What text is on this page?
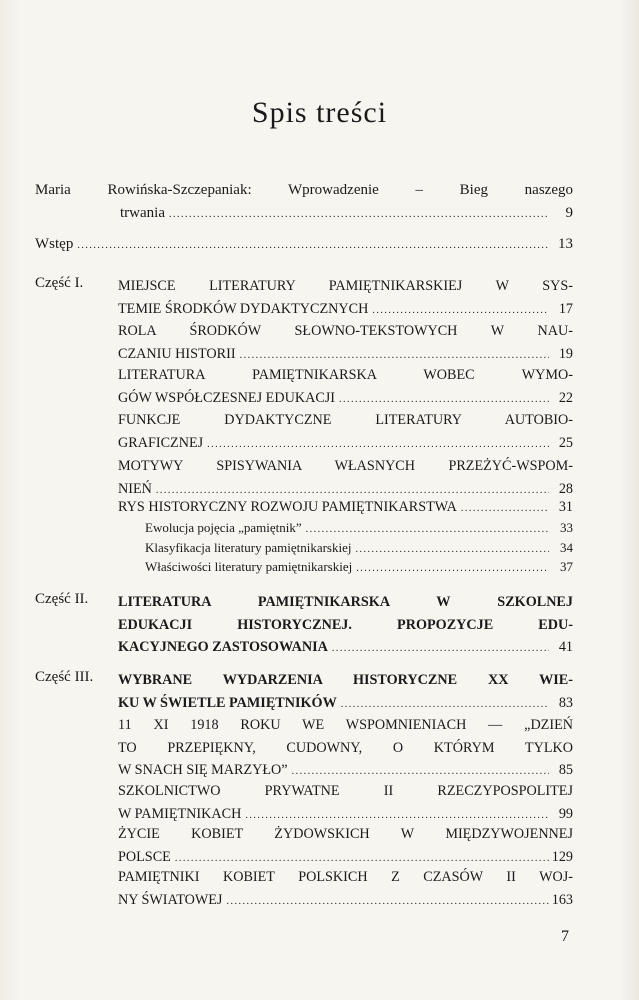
Spis treści
Maria Rowińska-Szczepaniak: Wprowadzenie – Bieg naszego
trwania .....	9
Wstęp .....	13
Część I. MIEJSCE LITERATURY PAMIĘTNIKARSKIEJ W SYS-
TEMIE ŚRODKÓW DYDAKTYCZNYCH .....	17
ROLA ŚRODKÓW SŁOWNO-TEKSTOWYCH W NAU-
CZANIU HISTORII .....	19
LITERATURA PAMIĘTNIKARSKA WOBEC WYMO-
GÓW WSPÓŁCZESNEJ EDUKACJI .....	22
FUNKCJE DYDAKTYCZNE LITERATURY AUTOBIO-
GRAFICZNEJ .....	25
MOTYWY SPISYWANIA WŁASNYCH PRZEŻYĆ-WSPOM-
NIEŃ .....	28
RYS HISTORYCZNY ROZWOJU PAMIĘTNIKARSTWA .....	31
Ewolucja pojęcia „pamiętnik” .....	33
Klasyfikacja literatury pamiętnikarskiej .....	34
Właściwości literatury pamiętnikarskiej .....	37
Część II. LITERATURA PAMIĘTNIKARSKA W SZKOLNEJ
EDUKACJI HISTORYCZNEJ. PROPOZYCJE EDU-
KACYJNEGO ZASTOSOWANIA .....	41
Część III. WYBRANE WYDARZENIA HISTORYCZNE XX WIE-
KU W ŚWIETLE PAMIĘTNIKÓW .....	83
11 XI 1918 ROKU WE WSPOMNIENIACH — „DZIEŃ
TO PRZEPIĘKNY, CUDOWNY, O KTÓRYM TYLKO
W SNACH SIĘ MARZYŁO” .....	85
SZKOLNICTWO PRYWATNE II RZECZYPOSPOLITEJ
W PAMIĘTNIKACH .....	99
ŻYCIE KOBIET ŻYDOWSKICH W MIĘDZYWOJENNEJ
POLSCE .....	129
PAMIĘTNIKI KOBIET POLSKICH Z CZASÓW II WOJ-
NY ŚWIATOWEJ .....	163
7
